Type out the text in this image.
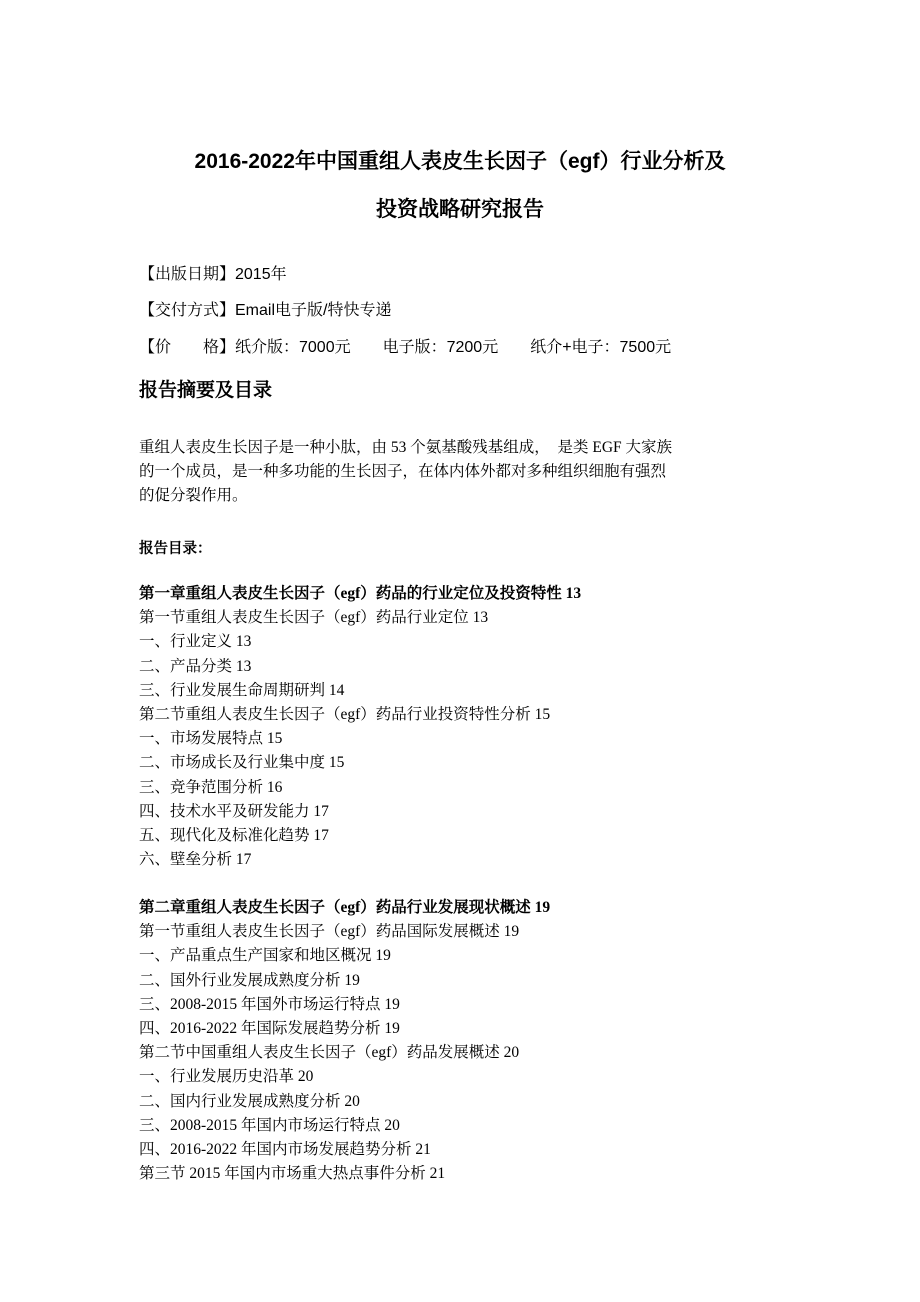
2016-2022年中国重组人表皮生长因子（egf）行业分析及
投资战略研究报告
【出版日期】2015年
【交付方式】Email电子版/特快专递
【价　　格】纸介版：7000元　　电子版：7200元　　纸介+电子：7500元
报告摘要及目录
重组人表皮生长因子是一种小肽，由 53 个氨基酸残基组成，　是类 EGF 大家族
的一个成员，是一种多功能的生长因子，在体内体外都对多种组织细胞有强烈
的促分裂作用。
报告目录：
第一章重组人表皮生长因子（egf）药品的行业定位及投资特性 13
第一节重组人表皮生长因子（egf）药品行业定位 13
一、行业定义 13
二、产品分类 13
三、行业发展生命周期研判 14
第二节重组人表皮生长因子（egf）药品行业投资特性分析 15
一、市场发展特点 15
二、市场成长及行业集中度 15
三、竞争范围分析 16
四、技术水平及研发能力 17
五、现代化及标准化趋势 17
六、壁垒分析 17
第二章重组人表皮生长因子（egf）药品行业发展现状概述 19
第一节重组人表皮生长因子（egf）药品国际发展概述 19
一、产品重点生产国家和地区概况 19
二、国外行业发展成熟度分析 19
三、2008-2015 年国外市场运行特点 19
四、2016-2022 年国际发展趋势分析 19
第二节中国重组人表皮生长因子（egf）药品发展概述 20
一、行业发展历史沿革 20
二、国内行业发展成熟度分析 20
三、2008-2015 年国内市场运行特点 20
四、2016-2022 年国内市场发展趋势分析 21
第三节 2015 年国内市场重大热点事件分析 21
